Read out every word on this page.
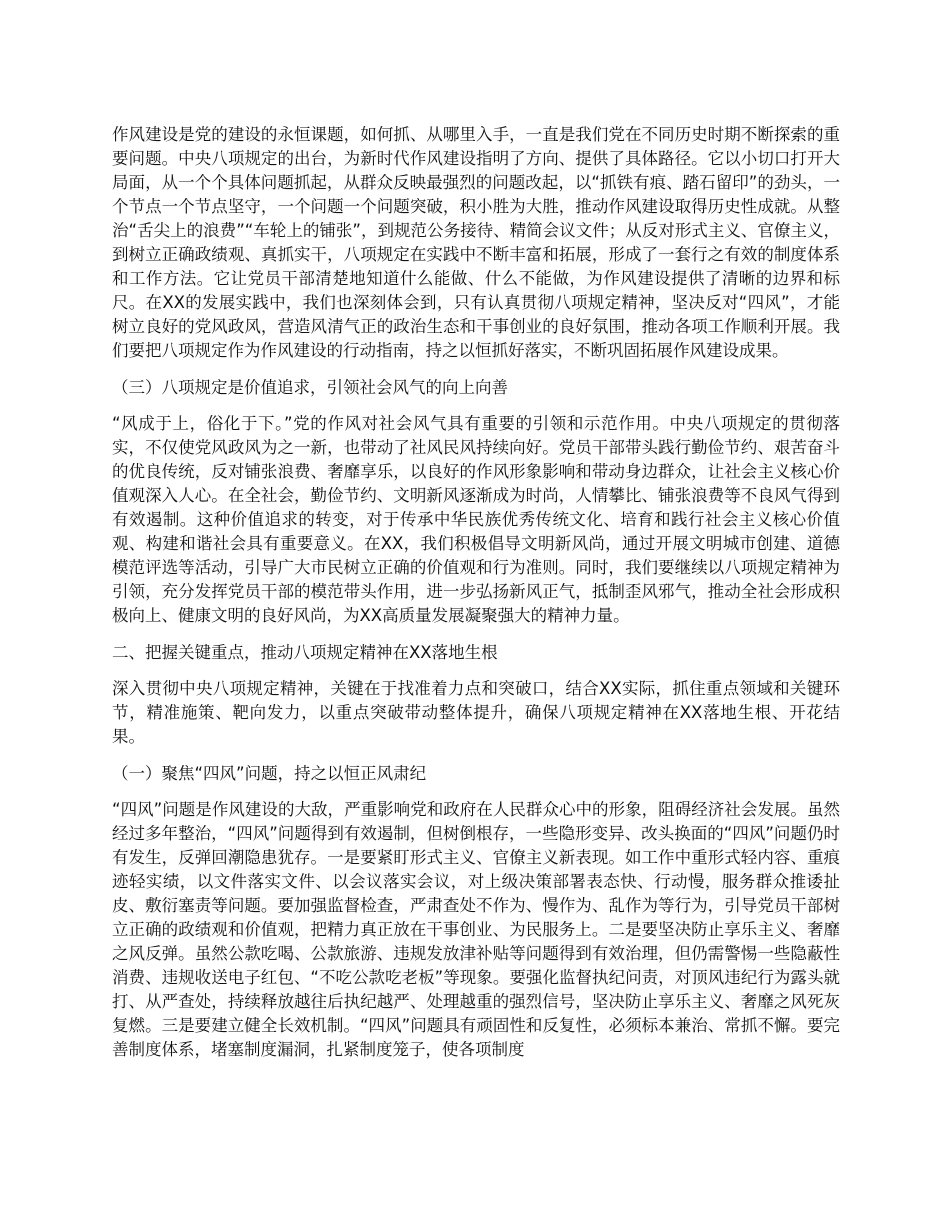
作风建设是党的建设的永恒课题，如何抓、从哪里入手，一直是我们党在不同历史时期不断探索的重要问题。中央八项规定的出台，为新时代作风建设指明了方向、提供了具体路径。它以小切口打开大局面，从一个个具体问题抓起，从群众反映最强烈的问题改起，以“抓铁有痕、踏石留印”的劲头，一个节点一个节点坚守，一个问题一个问题突破，积小胜为大胜，推动作风建设取得历史性成就。从整治“舌尖上的浪费”“车轮上的铺张”，到规范公务接待、精简会议文件；从反对形式主义、官僚主义，到树立正确政绩观、真抓实干，八项规定在实践中不断丰富和拓展，形成了一套行之有效的制度体系和工作方法。它让党员干部清楚地知道什么能做、什么不能做，为作风建设提供了清晰的边界和标尺。在XX的发展实践中，我们也深刻体会到，只有认真贯彻八项规定精神，坚决反对“四风”，才能树立良好的党风政风，营造风清气正的政治生态和干事创业的良好氛围，推动各项工作顺利开展。我们要把八项规定作为作风建设的行动指南，持之以恒抓好落实，不断巩固拓展作风建设成果。

（三）八项规定是价值追求，引领社会风气的向上向善

“风成于上，俗化于下。”党的作风对社会风气具有重要的引领和示范作用。中央八项规定的贯彻落实，不仅使党风政风为之一新，也带动了社风民风持续向好。党员干部带头践行勤俭节约、艰苦奋斗的优良传统，反对铺张浪费、奢靡享乐，以良好的作风形象影响和带动身边群众，让社会主义核心价值观深入人心。在全社会，勤俭节约、文明新风逐渐成为时尚，人情攀比、铺张浪费等不良风气得到有效遏制。这种价值追求的转变，对于传承中华民族优秀传统文化、培育和践行社会主义核心价值观、构建和谐社会具有重要意义。在XX，我们积极倡导文明新风尚，通过开展文明城市创建、道德模范评选等活动，引导广大市民树立正确的价值观和行为准则。同时，我们要继续以八项规定精神为引领，充分发挥党员干部的模范带头作用，进一步弘扬新风正气，抵制歪风邪气，推动全社会形成积极向上、健康文明的良好风尚，为XX高质量发展凝聚强大的精神力量。

二、把握关键重点，推动八项规定精神在XX落地生根

深入贯彻中央八项规定精神，关键在于找准着力点和突破口，结合XX实际，抓住重点领域和关键环节，精准施策、靶向发力，以重点突破带动整体提升，确保八项规定精神在XX落地生根、开花结果。

（一）聚焦“四风”问题，持之以恒正风肃纪

“四风”问题是作风建设的大敌，严重影响党和政府在人民群众心中的形象，阻碍经济社会发展。虽然经过多年整治，“四风”问题得到有效遏制，但树倒根存，一些隐形变异、改头换面的“四风”问题仍时有发生，反弹回潮隐患犹存。一是要紧盯形式主义、官僚主义新表现。如工作中重形式轻内容、重痕迹轻实绩，以文件落实文件、以会议落实会议，对上级决策部署表态快、行动慢，服务群众推诿扯皮、敷衍塞责等问题。要加强监督检查，严肃查处不作为、慢作为、乱作为等行为，引导党员干部树立正确的政绩观和价值观，把精力真正放在干事创业、为民服务上。二是要坚决防止享乐主义、奢靡之风反弹。虽然公款吃喝、公款旅游、违规发放津补贴等问题得到有效治理，但仍需警惕一些隐蔽性消费、违规收送电子红包、“不吃公款吃老板”等现象。要强化监督执纪问责，对顶风违纪行为露头就打、从严查处，持续释放越往后执纪越严、处理越重的强烈信号，坚决防止享乐主义、奢靡之风死灰复燃。三是要建立健全长效机制。“四风”问题具有顽固性和反复性，必须标本兼治、常抓不懈。要完善制度体系，堵塞制度漏洞，扎紧制度笼子，使各项制度
